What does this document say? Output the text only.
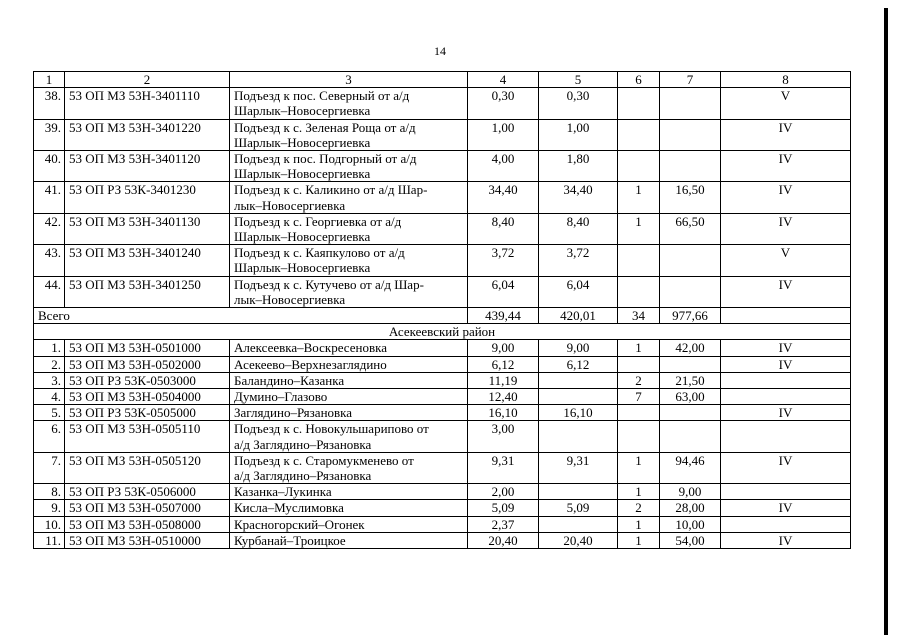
14
1	2	3	4	5	6	7	8
38.	53 ОП МЗ 53Н-3401110	Подъезд к пос. Северный от а/д
Шарлык–Новосергиевка	0,30	0,30			V
39.	53 ОП МЗ 53Н-3401220	Подъезд к с. Зеленая Роща от а/д
Шарлык–Новосергиевка	1,00	1,00			IV
40.	53 ОП МЗ 53Н-3401120	Подъезд к пос. Подгорный от а/д
Шарлык–Новосергиевка	4,00	1,80			IV
41.	53 ОП РЗ 53К-3401230	Подъезд к с. Каликино от а/д Шар-
лык–Новосергиевка	34,40	34,40	1	16,50	IV
42.	53 ОП МЗ 53Н-3401130	Подъезд к с. Георгиевка от а/д
Шарлык–Новосергиевка	8,40	8,40	1	66,50	IV
43.	53 ОП МЗ 53Н-3401240	Подъезд к с. Каяпкулово от а/д
Шарлык–Новосергиевка	3,72	3,72			V
44.	53 ОП МЗ 53Н-3401250	Подъезд к с. Кутучево от а/д Шар-
лык–Новосергиевка	6,04	6,04			IV
Всего			439,44	420,01	34	977,66	
Асекеевский район							
1.	53 ОП МЗ 53Н-0501000	Алексеевка–Воскресеновка	9,00	9,00	1	42,00	IV
2.	53 ОП МЗ 53Н-0502000	Асекеево–Верхнезаглядино	6,12	6,12			IV
3.	53 ОП РЗ 53К-0503000	Баландино–Казанка	11,19		2	21,50	
4.	53 ОП МЗ 53Н-0504000	Думино–Глазово	12,40		7	63,00	
5.	53 ОП РЗ 53К-0505000	Заглядино–Рязановка	16,10	16,10			IV
6.	53 ОП МЗ 53Н-0505110	Подъезд к с. Новокульшарипово от
а/д Заглядино–Рязановка	3,00				
7.	53 ОП МЗ 53Н-0505120	Подъезд к с. Старомукменево от
а/д Заглядино–Рязановка	9,31	9,31	1	94,46	IV
8.	53 ОП РЗ 53К-0506000	Казанка–Лукинка	2,00		1	9,00	
9.	53 ОП МЗ 53Н-0507000	Кисла–Муслимовка	5,09	5,09	2	28,00	IV
10.	53 ОП МЗ 53Н-0508000	Красногорский–Огонек	2,37		1	10,00	
11.	53 ОП МЗ 53Н-0510000	Курбанай–Троицкое	20,40	20,40	1	54,00	IV
